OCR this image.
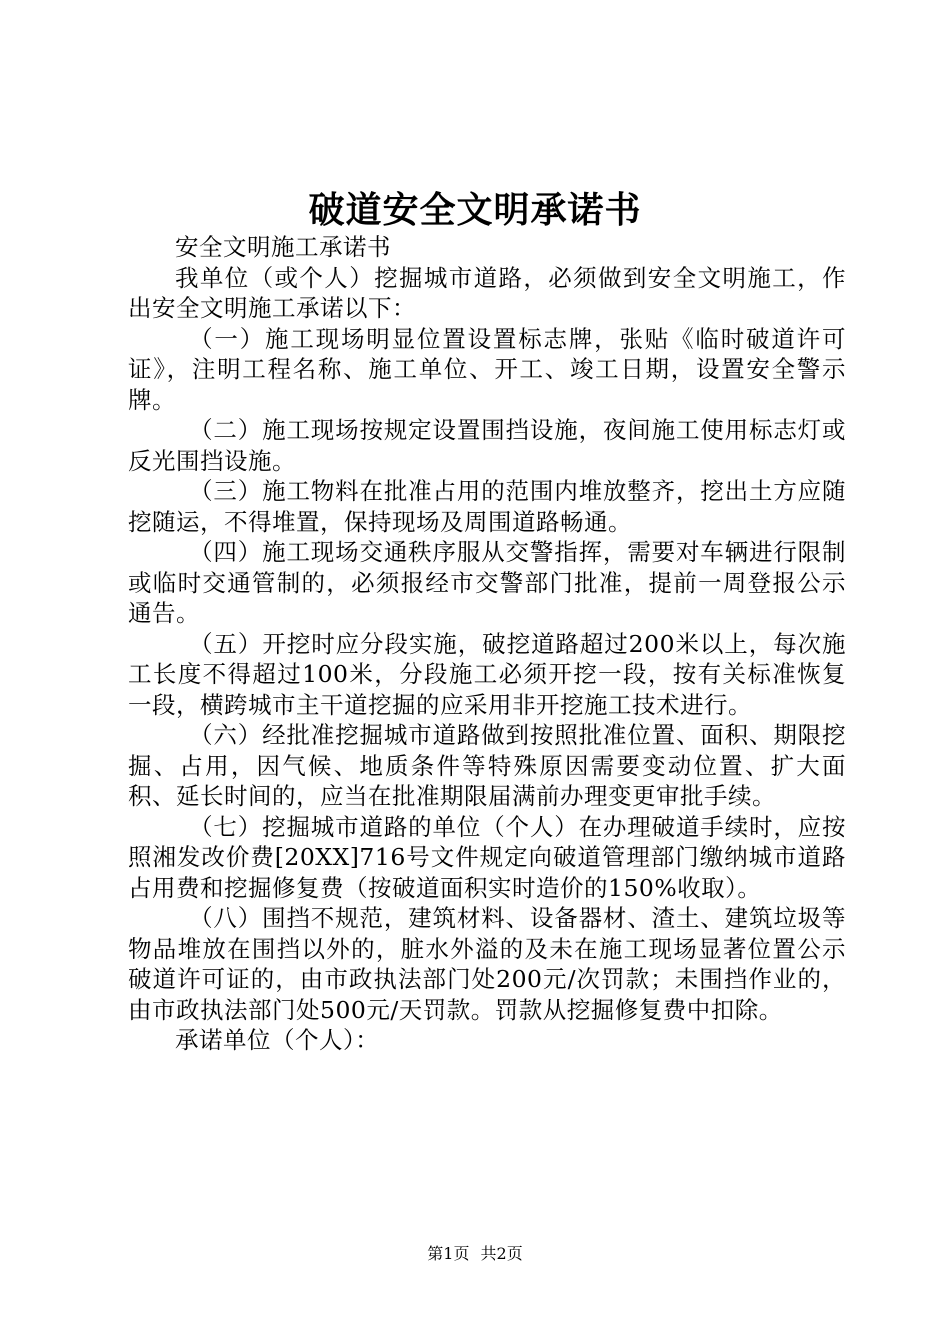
破道安全文明承诺书

安全文明施工承诺书

我单位（或个人）挖掘城市道路，必须做到安全文明施工，作出安全文明施工承诺以下：

（一）施工现场明显位置设置标志牌，张贴《临时破道许可证》，注明工程名称、施工单位、开工、竣工日期，设置安全警示牌。

（二）施工现场按规定设置围挡设施，夜间施工使用标志灯或反光围挡设施。

（三）施工物料在批准占用的范围内堆放整齐，挖出土方应随挖随运，不得堆置，保持现场及周围道路畅通。

（四）施工现场交通秩序服从交警指挥，需要对车辆进行限制或临时交通管制的，必须报经市交警部门批准，提前一周登报公示通告。

（五）开挖时应分段实施，破挖道路超过200米以上，每次施工长度不得超过100米，分段施工必须开挖一段，按有关标准恢复一段，横跨城市主干道挖掘的应采用非开挖施工技术进行。

（六）经批准挖掘城市道路做到按照批准位置、面积、期限挖掘、占用，因气候、地质条件等特殊原因需要变动位置、扩大面积、延长时间的，应当在批准期限届满前办理变更审批手续。

（七）挖掘城市道路的单位（个人）在办理破道手续时，应按照湘发改价费[20XX]716号文件规定向破道管理部门缴纳城市道路占用费和挖掘修复费（按破道面积实时造价的150%收取）。

（八）围挡不规范，建筑材料、设备器材、渣土、建筑垃圾等物品堆放在围挡以外的，脏水外溢的及未在施工现场显著位置公示破道许可证的，由市政执法部门处200元/次罚款；未围挡作业的，由市政执法部门处500元/天罚款。罚款从挖掘修复费中扣除。

承诺单位（个人）：

第1页 共2页
